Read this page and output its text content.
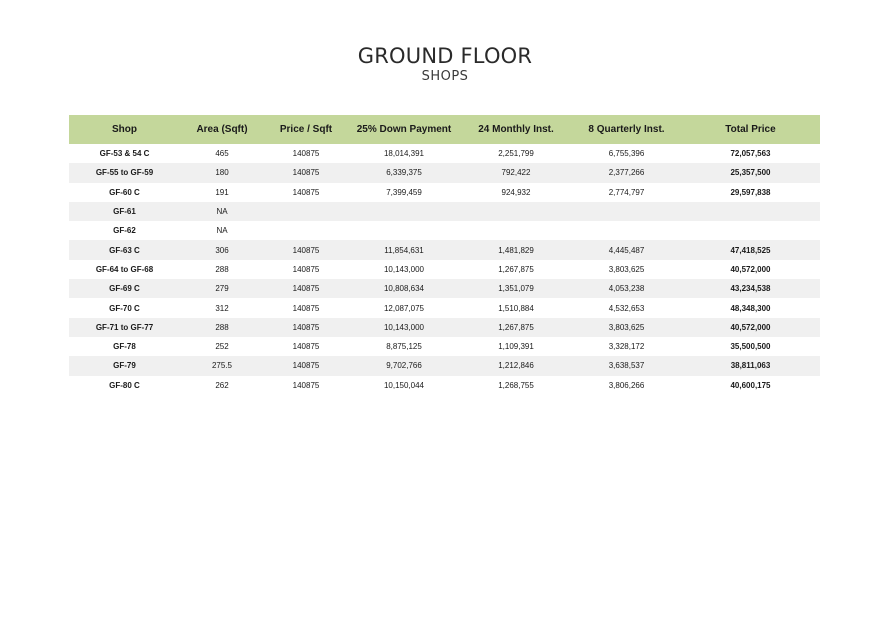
GROUND FLOOR
SHOPS
Shop	Area (Sqft)	Price / Sqft	25% Down Payment	24 Monthly Inst.	8 Quarterly Inst.	Total Price
GF-53 & 54 C	465	140875	18,014,391	2,251,799	6,755,396	72,057,563
GF-55 to GF-59	180	140875	6,339,375	792,422	2,377,266	25,357,500
GF-60 C	191	140875	7,399,459	924,932	2,774,797	29,597,838
GF-61	NA					
GF-62	NA					
GF-63 C	306	140875	11,854,631	1,481,829	4,445,487	47,418,525
GF-64 to GF-68	288	140875	10,143,000	1,267,875	3,803,625	40,572,000
GF-69 C	279	140875	10,808,634	1,351,079	4,053,238	43,234,538
GF-70 C	312	140875	12,087,075	1,510,884	4,532,653	48,348,300
GF-71 to GF-77	288	140875	10,143,000	1,267,875	3,803,625	40,572,000
GF-78	252	140875	8,875,125	1,109,391	3,328,172	35,500,500
GF-79	275.5	140875	9,702,766	1,212,846	3,638,537	38,811,063
GF-80 C	262	140875	10,150,044	1,268,755	3,806,266	40,600,175
